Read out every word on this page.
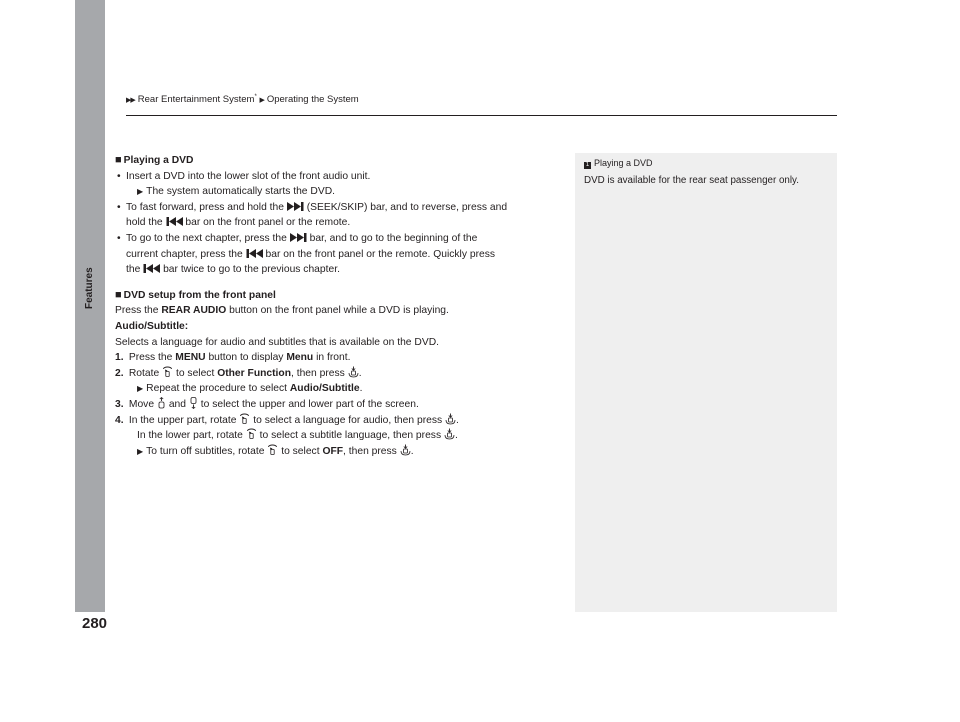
Features
▶▶ Rear Entertainment System* ▶ Operating the System

■ Playing a DVD

• Insert a DVD into the lower slot of the front audio unit.

▶ The system automatically starts the DVD.

• To fast forward, press and hold the (SEEK/SKIP) bar, and to reverse, press and

hold the bar on the front panel or the remote.

• To go to the next chapter, press the bar, and to go to the beginning of the

current chapter, press the bar on the front panel or the remote. Quickly press

the bar twice to go to the previous chapter.

■ DVD setup from the front panel

Press the REAR AUDIO button on the front panel while a DVD is playing.

Audio/Subtitle:

Selects a language for audio and subtitles that is available on the DVD.

1. Press the MENU button to display Menu in front.

2. Rotate to select Other Function, then press .

▶ Repeat the procedure to select Audio/Subtitle.

3. Move and to select the upper and lower part of the screen.

4. In the upper part, rotate to select a language for audio, then press .

In the lower part, rotate to select a subtitle language, then press .

▶ To turn off subtitles, rotate to select OFF, then press .

1 Playing a DVD
DVD is available for the rear seat passenger only.
280
